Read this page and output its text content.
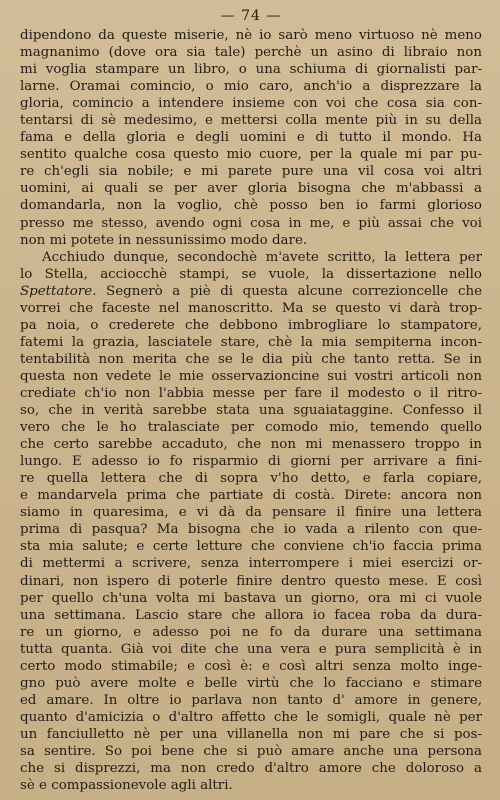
— 74 —
dipendono da queste miserie, nè io sarò meno virtuoso nè meno
magnanimo (dove ora sia tale) perchè un asino di libraio non
mi voglia stampare un libro, o una schiuma di giornalisti par-
larne. Oramai comincio, o mio caro, anch'io a disprezzare la
gloria, comincio a intendere insieme con voi che cosa sia con-
tentarsi di sè medesimo, e mettersi colla mente più in su della
fama e della gloria e degli uomini e di tutto il mondo. Ha
sentito qualche cosa questo mio cuore, per la quale mi par pu-
re ch'egli sia nobile; e mi parete pure una vil cosa voi altri
uomini, ai quali se per aver gloria bisogna che m'abbassi a
domandarla, non la voglio, chè posso ben io farmi glorioso
presso me stesso, avendo ogni cosa in me, e più assai che voi
non mi potete in nessunissimo modo dare.
Acchiudo dunque, secondochè m'avete scritto, la lettera per
lo Stella, acciocchè stampi, se vuole, la dissertazione nello
Spettatore. Segnerò a piè di questa alcune correzioncelle che
vorrei che faceste nel manoscritto. Ma se questo vi darà trop-
pa noia, o crederete che debbono imbrogliare lo stampatore,
fatemi la grazia, lasciatele stare, chè la mia sempiterna incon-
tentabilità non merita che se le dia più che tanto retta. Se in
questa non vedete le mie osservazioncine sui vostri articoli non
crediate ch'io non l'abbia messe per fare il modesto o il ritro-
so, che in verità sarebbe stata una sguaiataggine. Confesso il
vero che le ho tralasciate per comodo mio, temendo quello
che certo sarebbe accaduto, che non mi menassero troppo in
lungo. E adesso io fo risparmio di giorni per arrivare a fini-
re quella lettera che di sopra v'ho detto, e farla copiare,
e mandarvela prima che partiate di costà. Direte: ancora non
siamo in quaresima, e vi dà da pensare il finire una lettera
prima di pasqua? Ma bisogna che io vada a rilento con que-
sta mia salute; e certe letture che conviene ch'io faccia prima
di mettermi a scrivere, senza interrompere i miei esercizi or-
dinari, non ispero di poterle finire dentro questo mese. E così
per quello ch'una volta mi bastava un giorno, ora mi ci vuole
una settimana. Lascio stare che allora io facea roba da dura-
re un giorno, e adesso poi ne fo da durare una settimana
tutta quanta. Già voi dite che una vera e pura semplicità è in
certo modo stimabile; e così è: e così altri senza molto inge-
gno può avere molte e belle virtù che lo facciano e stimare
ed amare. In oltre io parlava non tanto d' amore in genere,
quanto d'amicizia o d'altro affetto che le somigli, quale nè per
un fanciulletto nè per una villanella non mi pare che si pos-
sa sentire. So poi bene che si può amare anche una persona
che si disprezzi, ma non credo d'altro amore che doloroso a
sè e compassionevole agli altri.
